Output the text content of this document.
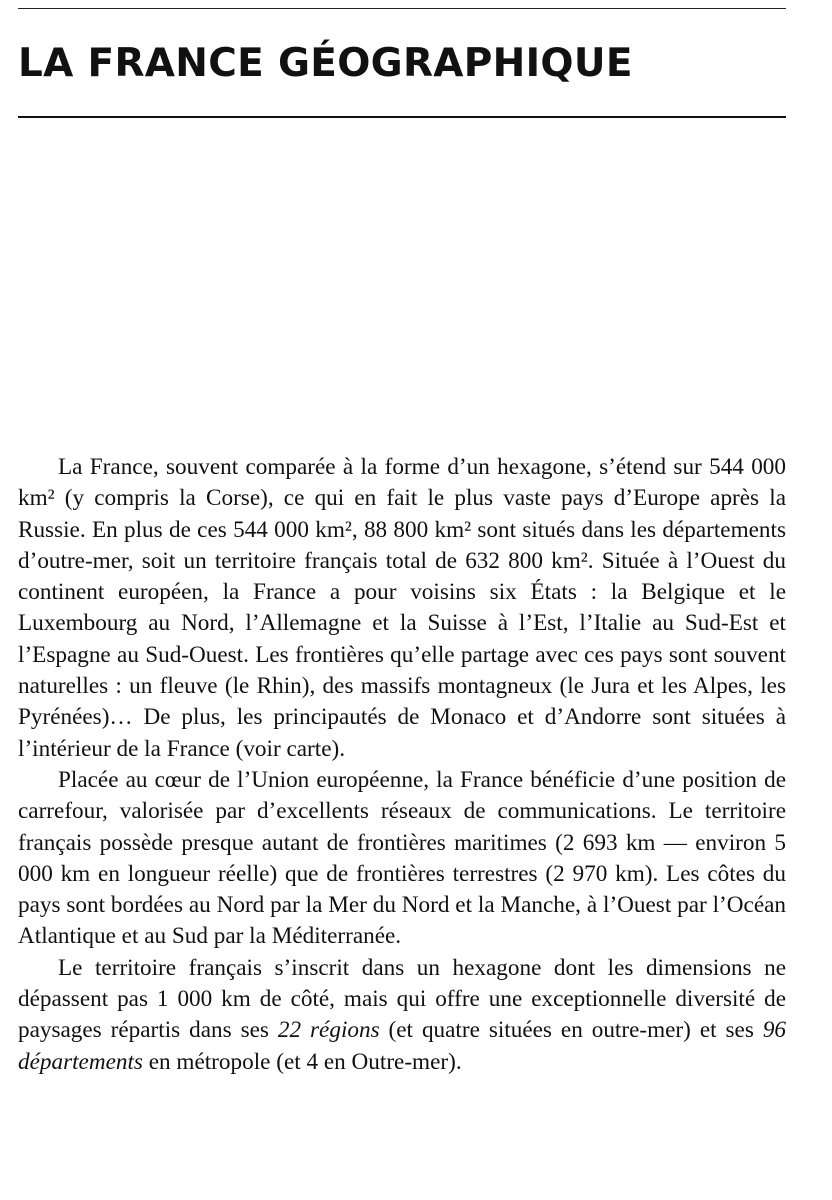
LA FRANCE GÉOGRAPHIQUE

La France, souvent comparée à la forme d’un hexagone, s’étend sur 544 000 km² (y compris la Corse), ce qui en fait le plus vaste pays d’Europe après la Russie. En plus de ces 544 000 km², 88 800 km² sont situés dans les départements d’outre-mer, soit un territoire français total de 632 800 km². Située à l’Ouest du continent européen, la France a pour voisins six États : la Belgique et le Luxembourg au Nord, l’Allemagne et la Suisse à l’Est, l’Italie au Sud-Est et l’Espagne au Sud-Ouest. Les frontières qu’elle partage avec ces pays sont souvent naturelles : un fleuve (le Rhin), des massifs montagneux (le Jura et les Alpes, les Pyrénées)… De plus, les principautés de Monaco et d’Andorre sont situées à l’intérieur de la France (voir carte).

Placée au cœur de l’Union européenne, la France bénéficie d’une position de carrefour, valorisée par d’excellents réseaux de communications. Le territoire français possède presque autant de frontières maritimes (2 693 km — environ 5 000 km en longueur réelle) que de frontières terrestres (2 970 km). Les côtes du pays sont bordées au Nord par la Mer du Nord et la Manche, à l’Ouest par l’Océan Atlantique et au Sud par la Méditerranée.

Le territoire français s’inscrit dans un hexagone dont les dimensions ne dépassent pas 1 000 km de côté, mais qui offre une exceptionnelle diversité de paysages répartis dans ses 22 régions (et quatre situées en outre-mer) et ses 96 départements en métropole (et 4 en Outre-mer).
